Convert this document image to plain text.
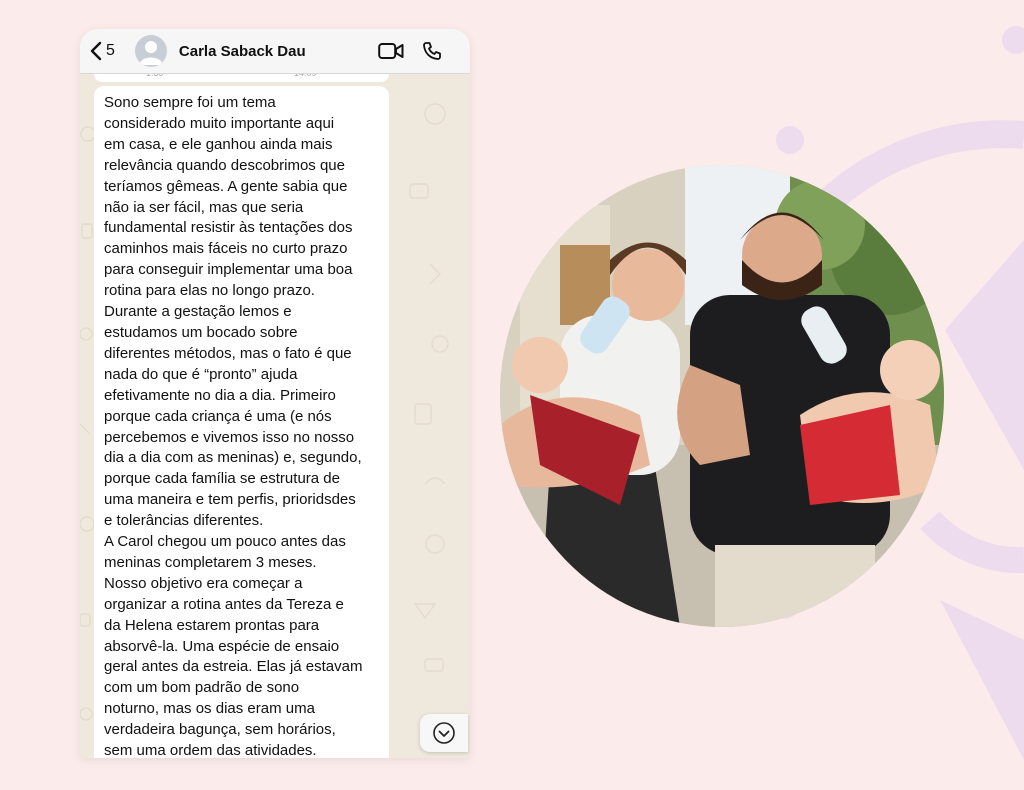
5	Carla Saback Dau
Sono sempre foi um tema
considerado muito importante aqui
em casa, e ele ganhou ainda mais
relevância quando descobrimos que
teríamos gêmeas. A gente sabia que
não ia ser fácil, mas que seria
fundamental resistir às tentações dos
caminhos mais fáceis no curto prazo
para conseguir implementar uma boa
rotina para elas no longo prazo.
Durante a gestação lemos e
estudamos um bocado sobre
diferentes métodos, mas o fato é que
nada do que é “pronto” ajuda
efetivamente no dia a dia. Primeiro
porque cada criança é uma (e nós
percebemos e vivemos isso no nosso
dia a dia com as meninas) e, segundo,
porque cada família se estrutura de
uma maneira e tem perfis, prioridsdes
e tolerâncias diferentes.
A Carol chegou um pouco antes das
meninas completarem 3 meses.
Nosso objetivo era começar a
organizar a rotina antes da Tereza e
da Helena estarem prontas para
absorvê-la. Uma espécie de ensaio
geral antes da estreia. Elas já estavam
com um bom padrão de sono
noturno, mas os dias eram uma
verdadeira bagunça, sem horários,
sem uma ordem das atividades.
